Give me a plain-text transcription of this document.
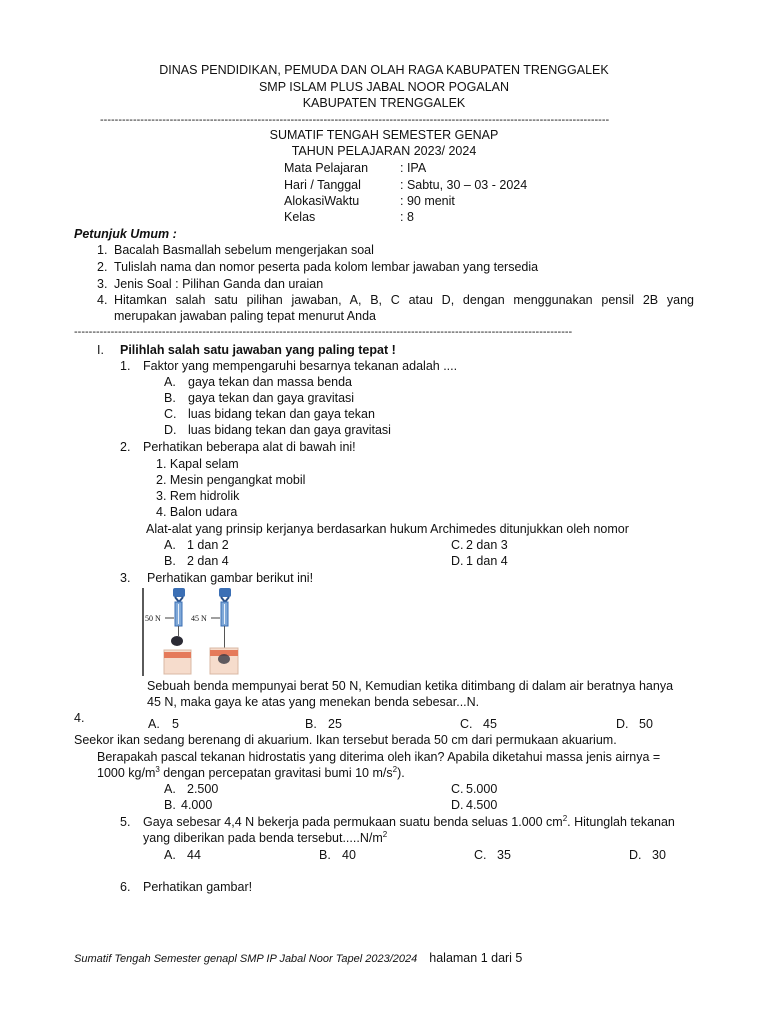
DINAS PENDIDIKAN, PEMUDA DAN OLAH RAGA KABUPATEN TRENGGALEK
SMP ISLAM PLUS JABAL NOOR POGALAN
KABUPATEN TRENGGALEK
-------------------------------------------------------------------------------------------------------------------------------------------
SUMATIF TENGAH SEMESTER GENAP
TAHUN PELAJARAN 2023/ 2024
Mata Pelajaran	: IPA
Hari / Tanggal	: Sabtu, 30 – 03 - 2024
AlokasiWaktu	: 90 menit
Kelas	: 8
Petunjuk Umum :
1. Bacalah Basmallah sebelum mengerjakan soal
2. Tulislah nama dan nomor peserta pada kolom lembar jawaban yang tersedia
3. Jenis Soal : Pilihan Ganda dan uraian
4. Hitamkan salah satu pilihan jawaban, A, B, C atau D, dengan menggunakan pensil 2B yang
merupakan jawaban paling tepat menurut Anda
----------------------------------------------------------------------------------------------------------------------------------------
I. Pilihlah salah satu jawaban yang paling tepat !
1. Faktor yang mempengaruhi besarnya tekanan adalah ....
A. gaya tekan dan massa benda
B. gaya tekan dan gaya gravitasi
C. luas bidang tekan dan gaya tekan
D. luas bidang tekan dan gaya gravitasi
2. Perhatikan beberapa alat di bawah ini!
1. Kapal selam
2. Mesin pengangkat mobil
3. Rem hidrolik
4. Balon udara
Alat-alat yang prinsip kerjanya berdasarkan hukum Archimedes ditunjukkan oleh nomor
A. 1 dan 2	C. 2 dan 3
B. 2 dan 4	D. 1 dan 4
3. Perhatikan gambar berikut ini!
50 N	45 N
Sebuah benda mempunyai berat 50 N, Kemudian ketika ditimbang di dalam air beratnya hanya
45 N, maka gaya ke atas yang menekan benda sebesar...N.
4.	A. 5	B. 25	C. 45	D. 50
Seekor ikan sedang berenang di akuarium. Ikan tersebut berada 50 cm dari permukaan akuarium.
Berapakah pascal tekanan hidrostatis yang diterima oleh ikan? Apabila diketahui massa jenis airnya =
1000 $kg/m^3$ dengan percepatan gravitasi bumi 10 $m/s^2$).
A. 2.500	C. 5.000
B. 4.000	D. 4.500
5. Gaya sebesar 4,4 N bekerja pada permukaan suatu benda seluas 1.000 $cm^2$. Hitunglah tekanan
yang diberikan pada benda $tersebut.....N/m^2$
A. 44	B. 40	C. 35	D. 30
6. Perhatikan gambar!
Sumatif Tengah Semester genapl SMP IP Jabal Noor Tapel 2023/2024 halaman 1 dari 5
